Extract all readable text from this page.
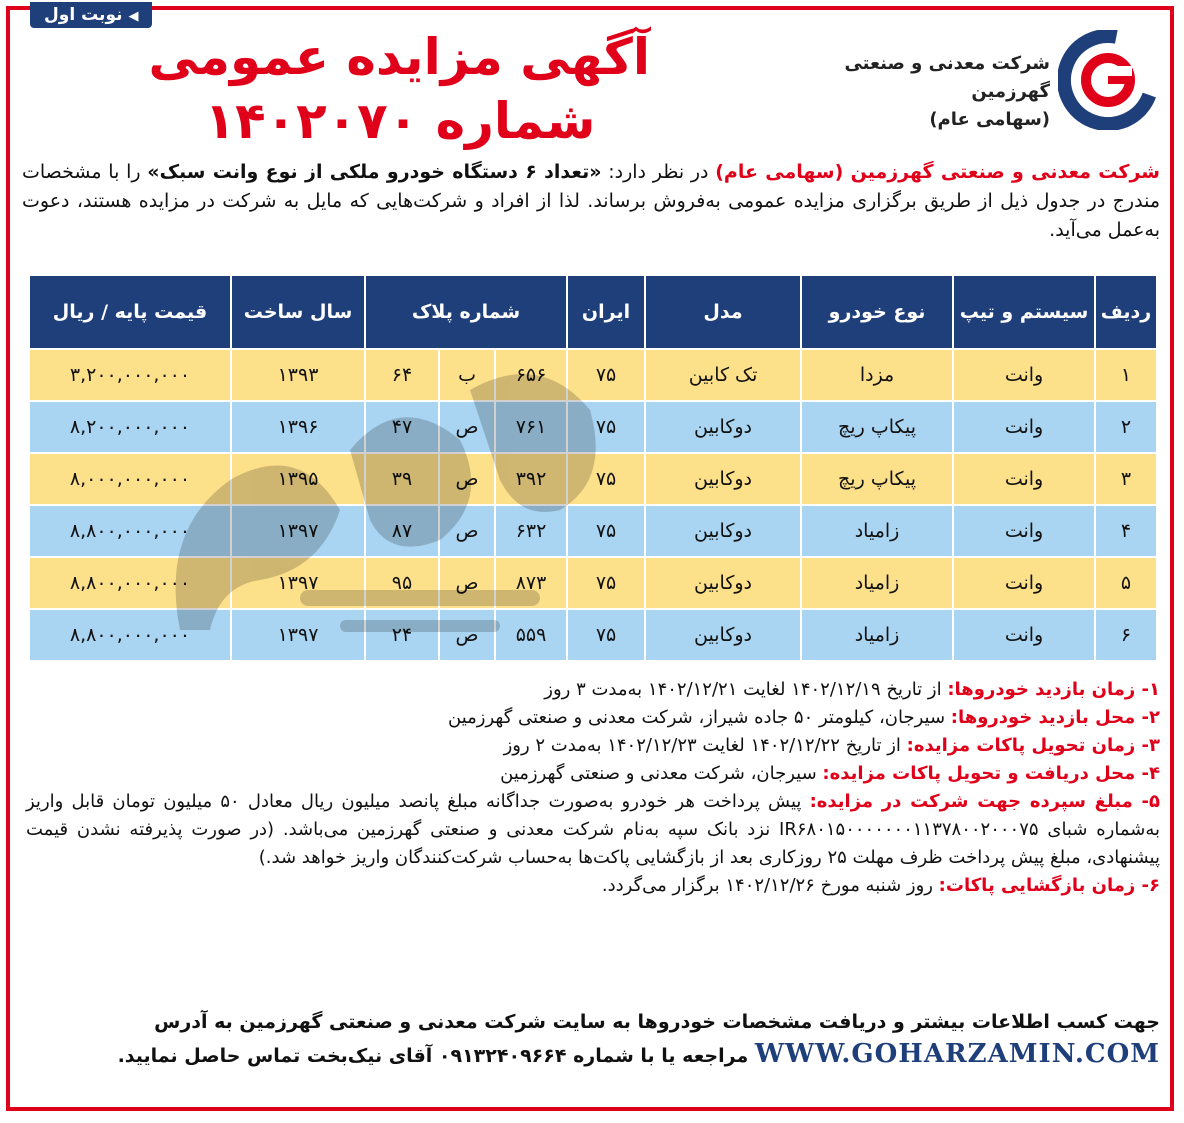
◀نوبت اول
آگهی مزایده عمومی
شماره ۱۴۰۲۰۷۰
شرکت معدنی و صنعتی گهرزمین
(سهامی عام)
شرکت معدنی و صنعتی گهرزمین (سهامی عام) در نظر دارد: «تعداد ۶ دستگاه خودرو ملکی از نوع وانت سبک» را با مشخصات مندرج در جدول ذیل از طریق برگزاری مزایده عمومی به‌فروش برساند. لذا از افراد و شرکت‌هایی که مایل به شرکت در مزایده هستند، دعوت به‌عمل می‌آید.
ردیف	سیستم و تیپ	نوع خودرو	مدل	ایران	شماره پلاک			سال ساخت	قیمت پایه / ریال
۱	وانت	مزدا	تک کابین	۷۵	۶۵۶	ب	۶۴	۱۳۹۳	۳,۲۰۰,۰۰۰,۰۰۰
۲	وانت	پیکاپ ریچ	دوکابین	۷۵	۷۶۱	ص	۴۷	۱۳۹۶	۸,۲۰۰,۰۰۰,۰۰۰
۳	وانت	پیکاپ ریچ	دوکابین	۷۵	۳۹۲	ص	۳۹	۱۳۹۵	۸,۰۰۰,۰۰۰,۰۰۰
۴	وانت	زامیاد	دوکابین	۷۵	۶۳۲	ص	۸۷	۱۳۹۷	۸,۸۰۰,۰۰۰,۰۰۰
۵	وانت	زامیاد	دوکابین	۷۵	۸۷۳	ص	۹۵	۱۳۹۷	۸,۸۰۰,۰۰۰,۰۰۰
۶	وانت	زامیاد	دوکابین	۷۵	۵۵۹	ص	۲۴	۱۳۹۷	۸,۸۰۰,۰۰۰,۰۰۰

۱- زمان بازدید خودروها: از تاریخ ۱۴۰۲/۱۲/۱۹ لغایت ۱۴۰۲/۱۲/۲۱ به‌مدت ۳ روز

۲- محل بازدید خودروها: سیرجان، کیلومتر ۵۰ جاده شیراز، شرکت معدنی و صنعتی گهرزمین

۳- زمان تحویل پاکات مزایده: از تاریخ ۱۴۰۲/۱۲/۲۲ لغایت ۱۴۰۲/۱۲/۲۳ به‌مدت ۲ روز

۴- محل دریافت و تحویل پاکات مزایده: سیرجان، شرکت معدنی و صنعتی گهرزمین

۵- مبلغ سپرده جهت شرکت در مزایده: پیش پرداخت هر خودرو به‌صورت جداگانه مبلغ پانصد میلیون ریال معادل ۵۰ میلیون تومان قابل واریز به‌شماره شبای IR۶۸۰۱۵۰۰۰۰۰۰۰۱۱۳۷۸۰۰۲۰۰۰۷۵ نزد بانک سپه به‌نام شرکت معدنی و صنعتی گهرزمین می‌باشد. (در صورت پذیرفته نشدن قیمت پیشنهادی، مبلغ پیش پرداخت ظرف مهلت ۲۵ روزکاری بعد از بازگشایی پاکت‌ها به‌حساب شرکت‌کنندگان واریز خواهد شد.)

۶- زمان بازگشایی پاکات: روز شنبه مورخ ۱۴۰۲/۱۲/۲۶ برگزار می‌گردد.

جهت کسب اطلاعات بیشتر و دریافت مشخصات خودروها به سایت شرکت معدنی و صنعتی گهرزمین به آدرس

WWW.GOHARZAMIN.COM مراجعه یا با شماره ۰۹۱۳۲۴۰۹۶۶۴ آقای نیک‌بخت تماس حاصل نمایید.
